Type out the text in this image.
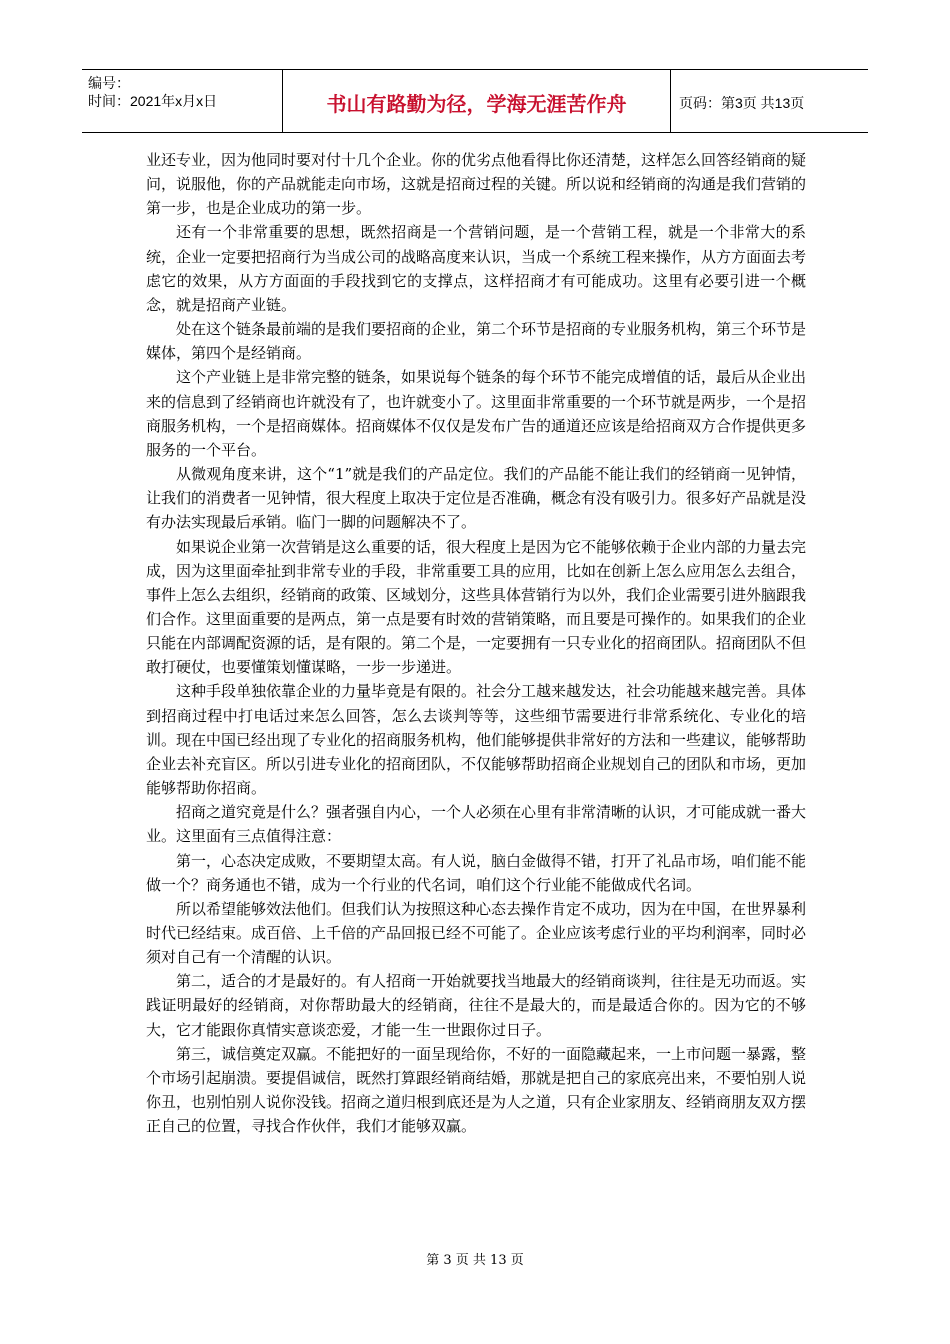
编号：
时间：2021年x月x日	书山有路勤为径，学海无涯苦作舟	页码：第3页 共13页

业还专业，因为他同时要对付十几个企业。你的优劣点他看得比你还清楚，这样怎么回答经销商的疑问，说服他，你的产品就能走向市场，这就是招商过程的关键。所以说和经销商的沟通是我们营销的第一步，也是企业成功的第一步。

还有一个非常重要的思想，既然招商是一个营销问题，是一个营销工程，就是一个非常大的系统，企业一定要把招商行为当成公司的战略高度来认识，当成一个系统工程来操作，从方方面面去考虑它的效果，从方方面面的手段找到它的支撑点，这样招商才有可能成功。这里有必要引进一个概念，就是招商产业链。

处在这个链条最前端的是我们要招商的企业，第二个环节是招商的专业服务机构，第三个环节是媒体，第四个是经销商。

这个产业链上是非常完整的链条，如果说每个链条的每个环节不能完成增值的话，最后从企业出来的信息到了经销商也许就没有了，也许就变小了。这里面非常重要的一个环节就是两步，一个是招商服务机构，一个是招商媒体。招商媒体不仅仅是发布广告的通道还应该是给招商双方合作提供更多服务的一个平台。

从微观角度来讲，这个“1”就是我们的产品定位。我们的产品能不能让我们的经销商一见钟情，让我们的消费者一见钟情，很大程度上取决于定位是否准确，概念有没有吸引力。很多好产品就是没有办法实现最后承销。临门一脚的问题解决不了。

如果说企业第一次营销是这么重要的话，很大程度上是因为它不能够依赖于企业内部的力量去完成，因为这里面牵扯到非常专业的手段，非常重要工具的应用，比如在创新上怎么应用怎么去组合，事件上怎么去组织，经销商的政策、区域划分，这些具体营销行为以外，我们企业需要引进外脑跟我们合作。这里面重要的是两点，第一点是要有时效的营销策略，而且要是可操作的。如果我们的企业只能在内部调配资源的话，是有限的。第二个是，一定要拥有一只专业化的招商团队。招商团队不但敢打硬仗，也要懂策划懂谋略，一步一步递进。

这种手段单独依靠企业的力量毕竟是有限的。社会分工越来越发达，社会功能越来越完善。具体到招商过程中打电话过来怎么回答，怎么去谈判等等，这些细节需要进行非常系统化、专业化的培训。现在中国已经出现了专业化的招商服务机构，他们能够提供非常好的方法和一些建议，能够帮助企业去补充盲区。所以引进专业化的招商团队，不仅能够帮助招商企业规划自己的团队和市场，更加能够帮助你招商。

招商之道究竟是什么？强者强自内心，一个人必须在心里有非常清晰的认识，才可能成就一番大业。这里面有三点值得注意：

第一，心态决定成败，不要期望太高。有人说，脑白金做得不错，打开了礼品市场，咱们能不能做一个？商务通也不错，成为一个行业的代名词，咱们这个行业能不能做成代名词。

所以希望能够效法他们。但我们认为按照这种心态去操作肯定不成功，因为在中国，在世界暴利时代已经结束。成百倍、上千倍的产品回报已经不可能了。企业应该考虑行业的平均利润率，同时必须对自己有一个清醒的认识。

第二，适合的才是最好的。有人招商一开始就要找当地最大的经销商谈判，往往是无功而返。实践证明最好的经销商，对你帮助最大的经销商，往往不是最大的，而是最适合你的。因为它的不够大，它才能跟你真情实意谈恋爱，才能一生一世跟你过日子。

第三，诚信奠定双赢。不能把好的一面呈现给你，不好的一面隐藏起来，一上市问题一暴露，整个市场引起崩溃。要提倡诚信，既然打算跟经销商结婚，那就是把自己的家底亮出来，不要怕别人说你丑，也别怕别人说你没钱。招商之道归根到底还是为人之道，只有企业家朋友、经销商朋友双方摆正自己的位置，寻找合作伙伴，我们才能够双赢。

第 3 页 共 13 页
